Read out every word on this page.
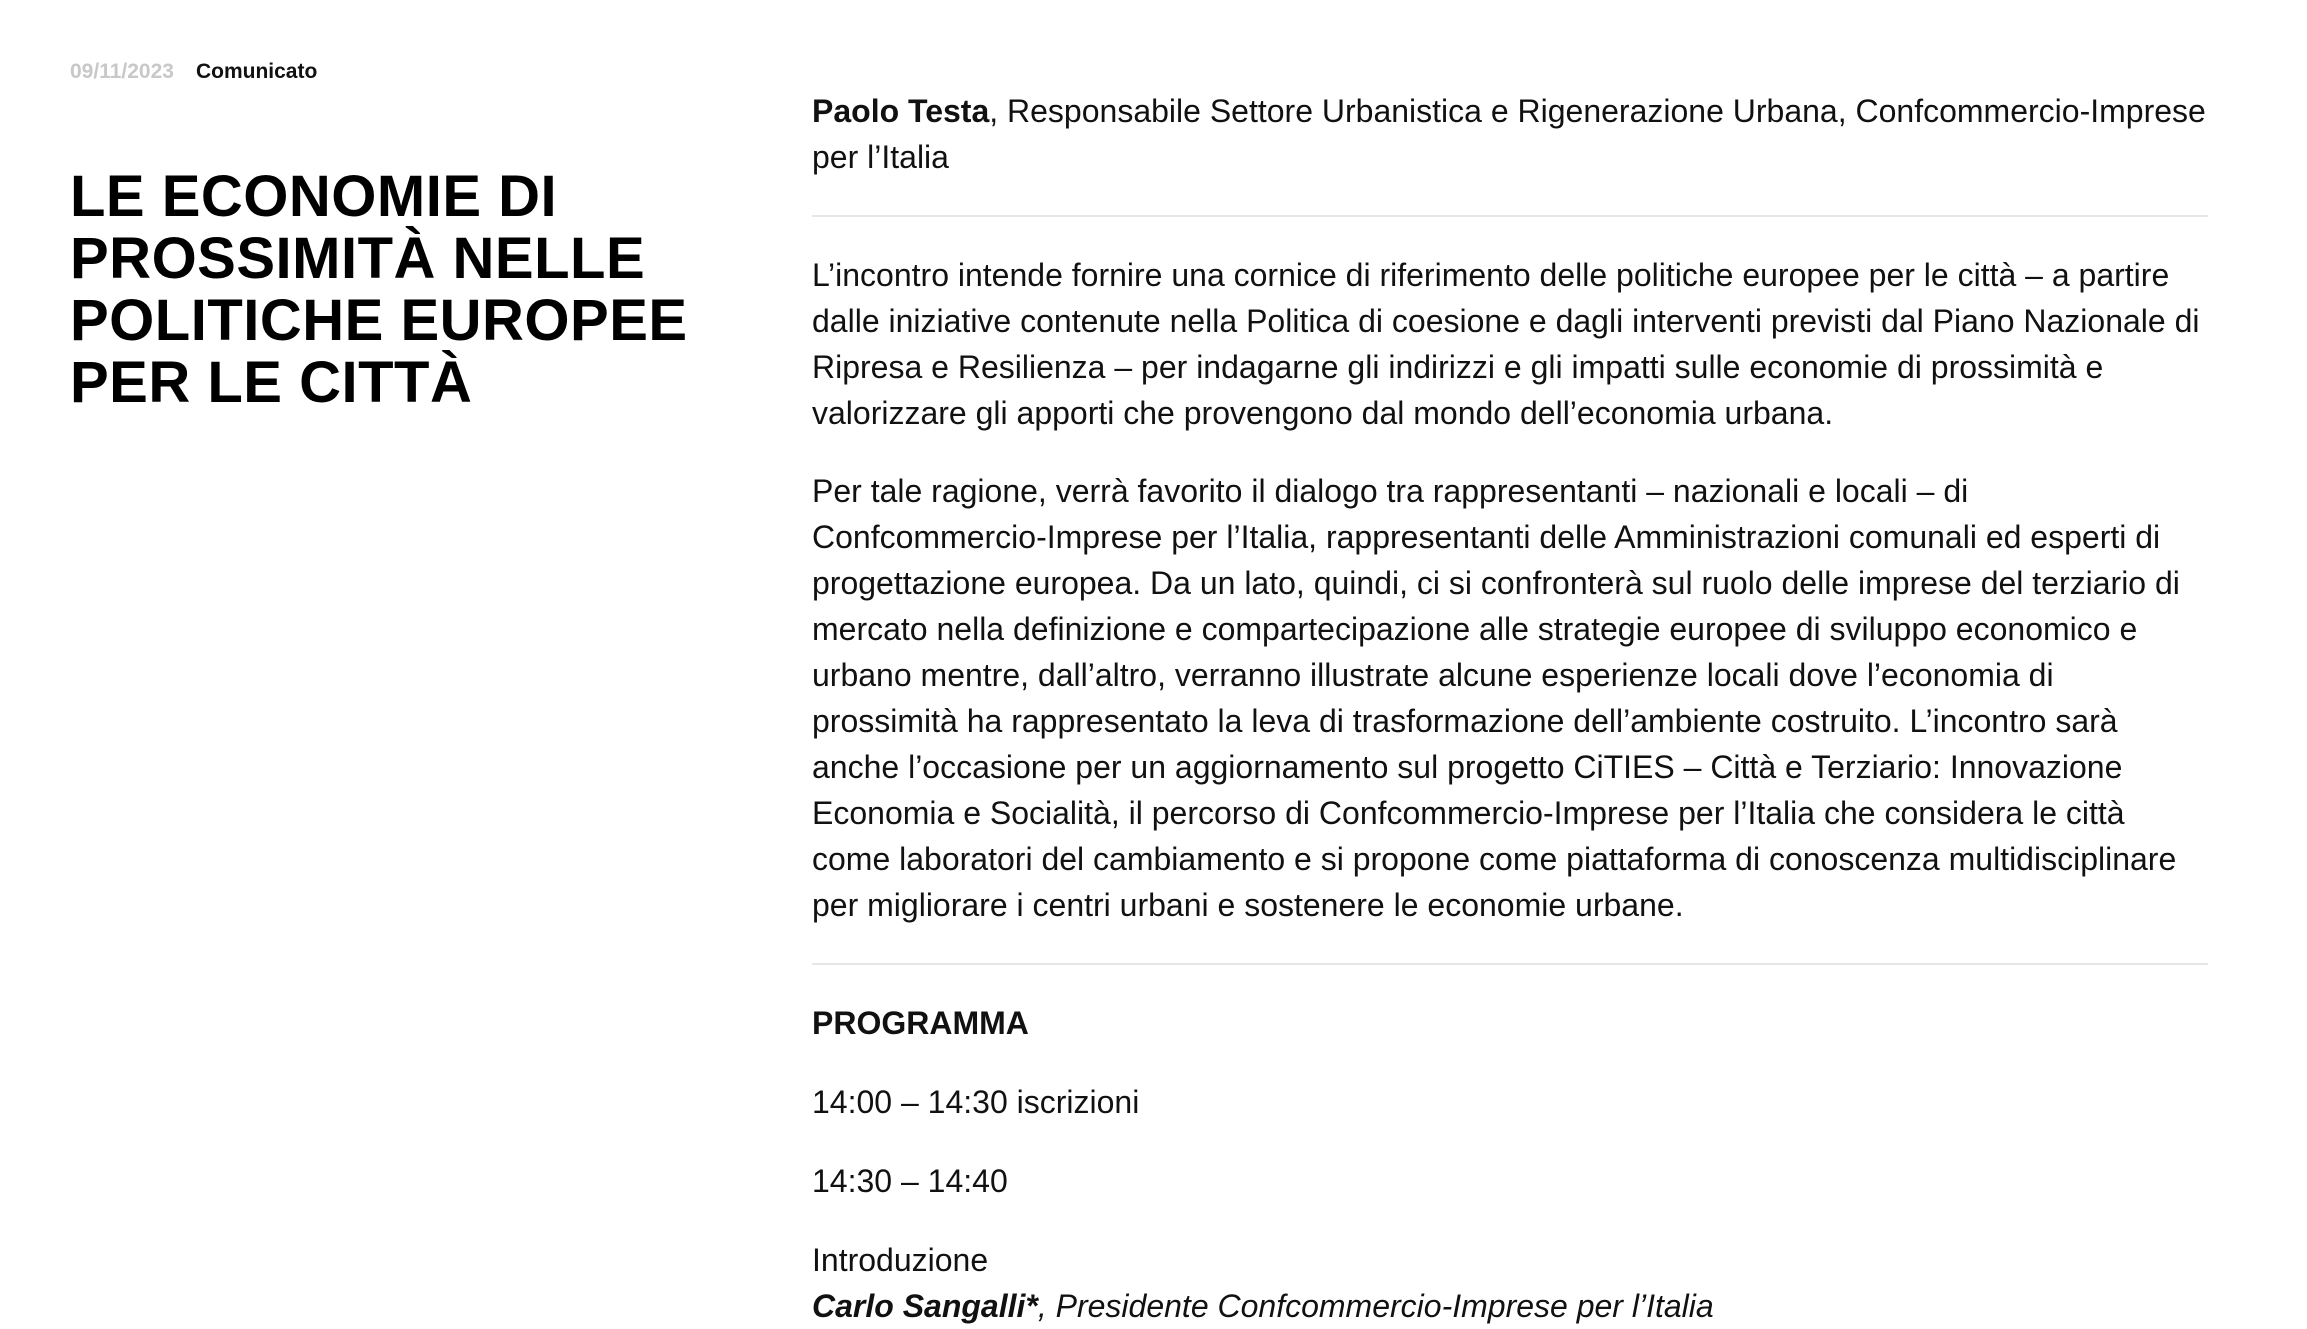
09/11/2023 Comunicato
LE ECONOMIE DI
PROSSIMITÀ NELLE
POLITICHE EUROPEE
PER LE CITTÀ

Paolo Testa, Responsabile Settore Urbanistica e Rigenerazione Urbana, Confcommercio-Imprese per l’Italia

L’incontro intende fornire una cornice di riferimento delle politiche europee per le città – a partire dalle iniziative contenute nella Politica di coesione e dagli interventi previsti dal Piano Nazionale di Ripresa e Resilienza – per indagarne gli indirizzi e gli impatti sulle economie di prossimità e valorizzare gli apporti che provengono dal mondo dell’economia urbana.

Per tale ragione, verrà favorito il dialogo tra rappresentanti – nazionali e locali – di Confcommercio-Imprese per l’Italia, rappresentanti delle Amministrazioni comunali ed esperti di progettazione europea. Da un lato, quindi, ci si confronterà sul ruolo delle imprese del terziario di mercato nella definizione e compartecipazione alle strategie europee di sviluppo economico e urbano mentre, dall’altro, verranno illustrate alcune esperienze locali dove l’economia di prossimità ha rappresentato la leva di trasformazione dell’ambiente costruito. L’incontro sarà anche l’occasione per un aggiornamento sul progetto CiTIES – Città e Terziario: Innovazione Economia e Socialità, il percorso di Confcommercio-Imprese per l’Italia che considera le città come laboratori del cambiamento e si propone come piattaforma di conoscenza multidisciplinare per migliorare i centri urbani e sostenere le economie urbane.

PROGRAMMA

14:00 – 14:30 iscrizioni

14:30 – 14:40

Introduzione
Carlo Sangalli*, Presidente Confcommercio-Imprese per l’Italia
